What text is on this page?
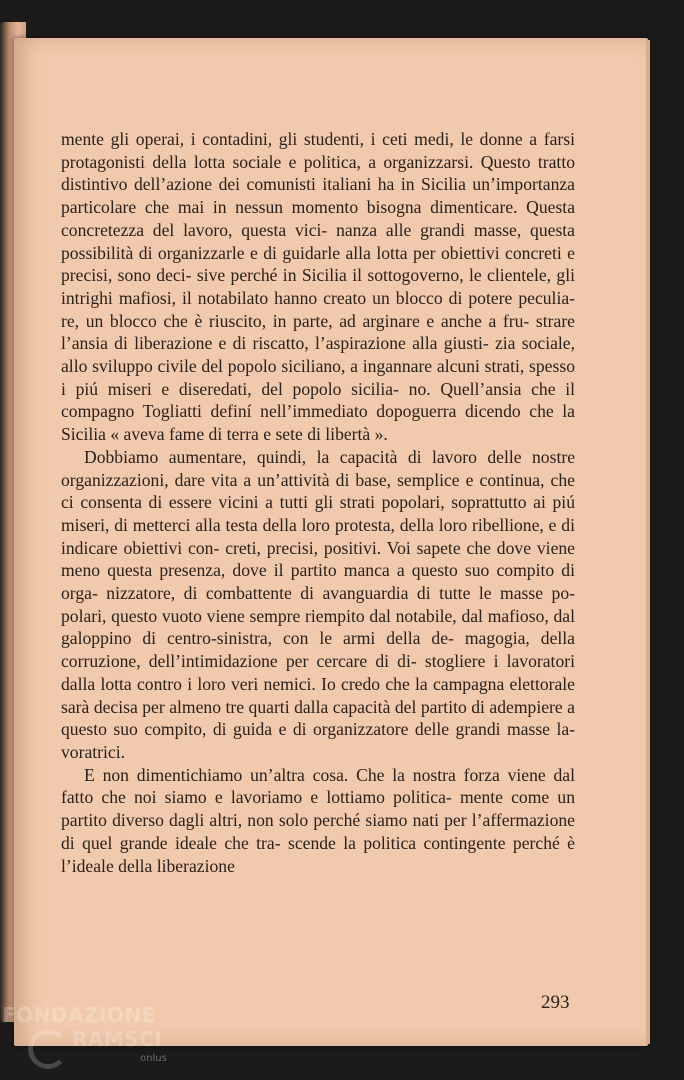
mente gli operai, i contadini, gli studenti, i ceti medi, le donne a farsi protagonisti della lotta sociale e politica, a organizzarsi. Questo tratto distintivo dell’azione dei comunisti italiani ha in Sicilia un’importanza particolare che mai in nessun momento bisogna dimenticare. Questa concretezza del lavoro, questa vici- nanza alle grandi masse, questa possibilità di organizzarle e di guidarle alla lotta per obiettivi concreti e precisi, sono deci- sive perché in Sicilia il sottogoverno, le clientele, gli intrighi mafiosi, il notabilato hanno creato un blocco di potere peculia- re, un blocco che è riuscito, in parte, ad arginare e anche a fru- strare l’ansia di liberazione e di riscatto, l’aspirazione alla giusti- zia sociale, allo sviluppo civile del popolo siciliano, a ingannare alcuni strati, spesso i piú miseri e diseredati, del popolo sicilia- no. Quell’ansia che il compagno Togliatti definí nell’immediato dopoguerra dicendo che la Sicilia « aveva fame di terra e sete di libertà ».

Dobbiamo aumentare, quindi, la capacità di lavoro delle nostre organizzazioni, dare vita a un’attività di base, semplice e continua, che ci consenta di essere vicini a tutti gli strati popolari, soprattutto ai piú miseri, di metterci alla testa della loro protesta, della loro ribellione, e di indicare obiettivi con- creti, precisi, positivi. Voi sapete che dove viene meno questa presenza, dove il partito manca a questo suo compito di orga- nizzatore, di combattente di avanguardia di tutte le masse po- polari, questo vuoto viene sempre riempito dal notabile, dal mafioso, dal galoppino di centro-sinistra, con le armi della de- magogia, della corruzione, dell’intimidazione per cercare di di- stogliere i lavoratori dalla lotta contro i loro veri nemici. Io credo che la campagna elettorale sarà decisa per almeno tre quarti dalla capacità del partito di adempiere a questo suo compito, di guida e di organizzatore delle grandi masse la- voratrici.

E non dimentichiamo un’altra cosa. Che la nostra forza viene dal fatto che noi siamo e lavoriamo e lottiamo politica- mente come un partito diverso dagli altri, non solo perché siamo nati per l’affermazione di quel grande ideale che tra- scende la politica contingente perché è l’ideale della liberazione

293
FONDAZIONE
RAMSCI
onlus
